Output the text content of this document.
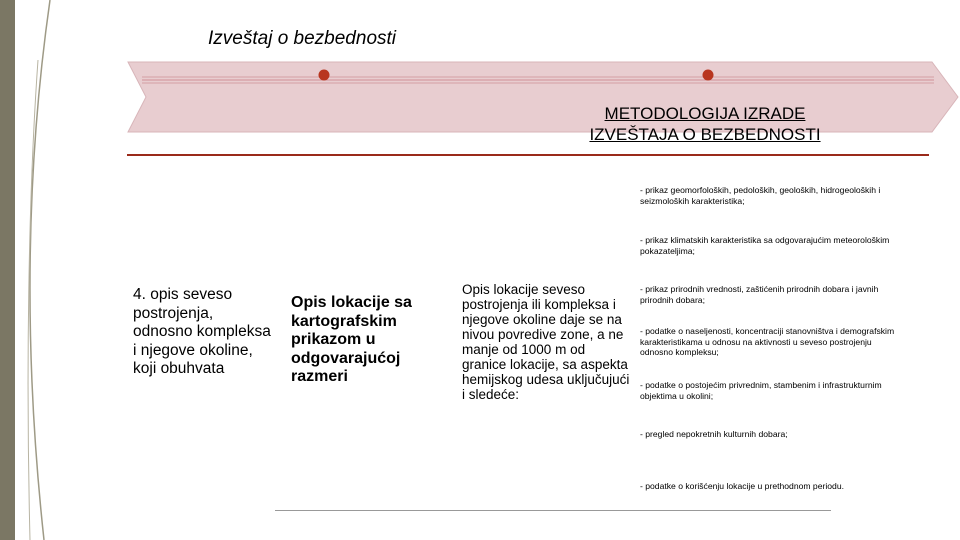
Izveštaj o bezbednosti
METODOLOGIJA IZRADE
IZVEŠTAJA O BEZBEDNOSTI
4. opis seveso postrojenja, odnosno kompleksa i njegove okoline, koji obuhvata
Opis lokacije sa kartografskim prikazom u odgovarajućoj razmeri
Opis lokacije seveso postrojenja ili kompleksa i njegove okoline daje se na nivou povredive zone, a ne manje od 1000 m od granice lokacije, sa aspekta hemijskog udesa uključujući i sledeće:
- prikaz geomorfoloških, pedoloških, geoloških, hidrogeoloških i seizmoloških karakteristika;
- prikaz klimatskih karakteristika sa odgovarajućim meteorološkim pokazateljima;
- prikaz prirodnih vrednosti, zaštićenih prirodnih dobara i javnih prirodnih dobara;
- podatke o naseljenosti, koncentraciji stanovništva i demografskim karakteristikama u odnosu na aktivnosti u seveso postrojenju odnosno kompleksu;
- podatke o postojećim privrednim, stambenim i infrastrukturnim objektima u okolini;
- pregled nepokretnih kulturnih dobara;
- podatke o korišćenju lokacije u prethodnom periodu.
